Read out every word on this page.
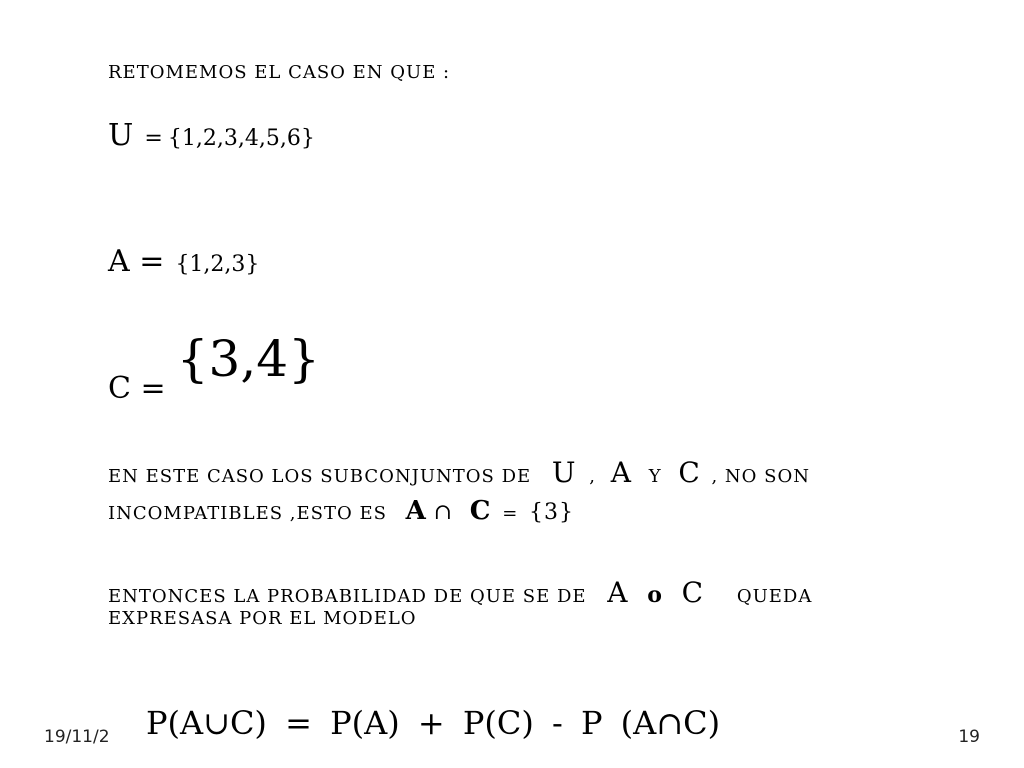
RETOMEMOS EL CASO EN QUE :
U = {1,2,3,4,5,6}
A = {1,2,3}
C = {3,4}
EN ESTE CASO LOS SUBCONJUNTOS DE U , A Y C , NO SON
INCOMPATIBLES ,ESTO ES A ∩ C = {3}
ENTONCES LA PROBABILIDAD DE QUE SE DE A o C QUEDA
EXPRESASA POR EL MODELO
P(A∪C) = P(A) + P(C) - P (A∩C)
19/11/2	19
